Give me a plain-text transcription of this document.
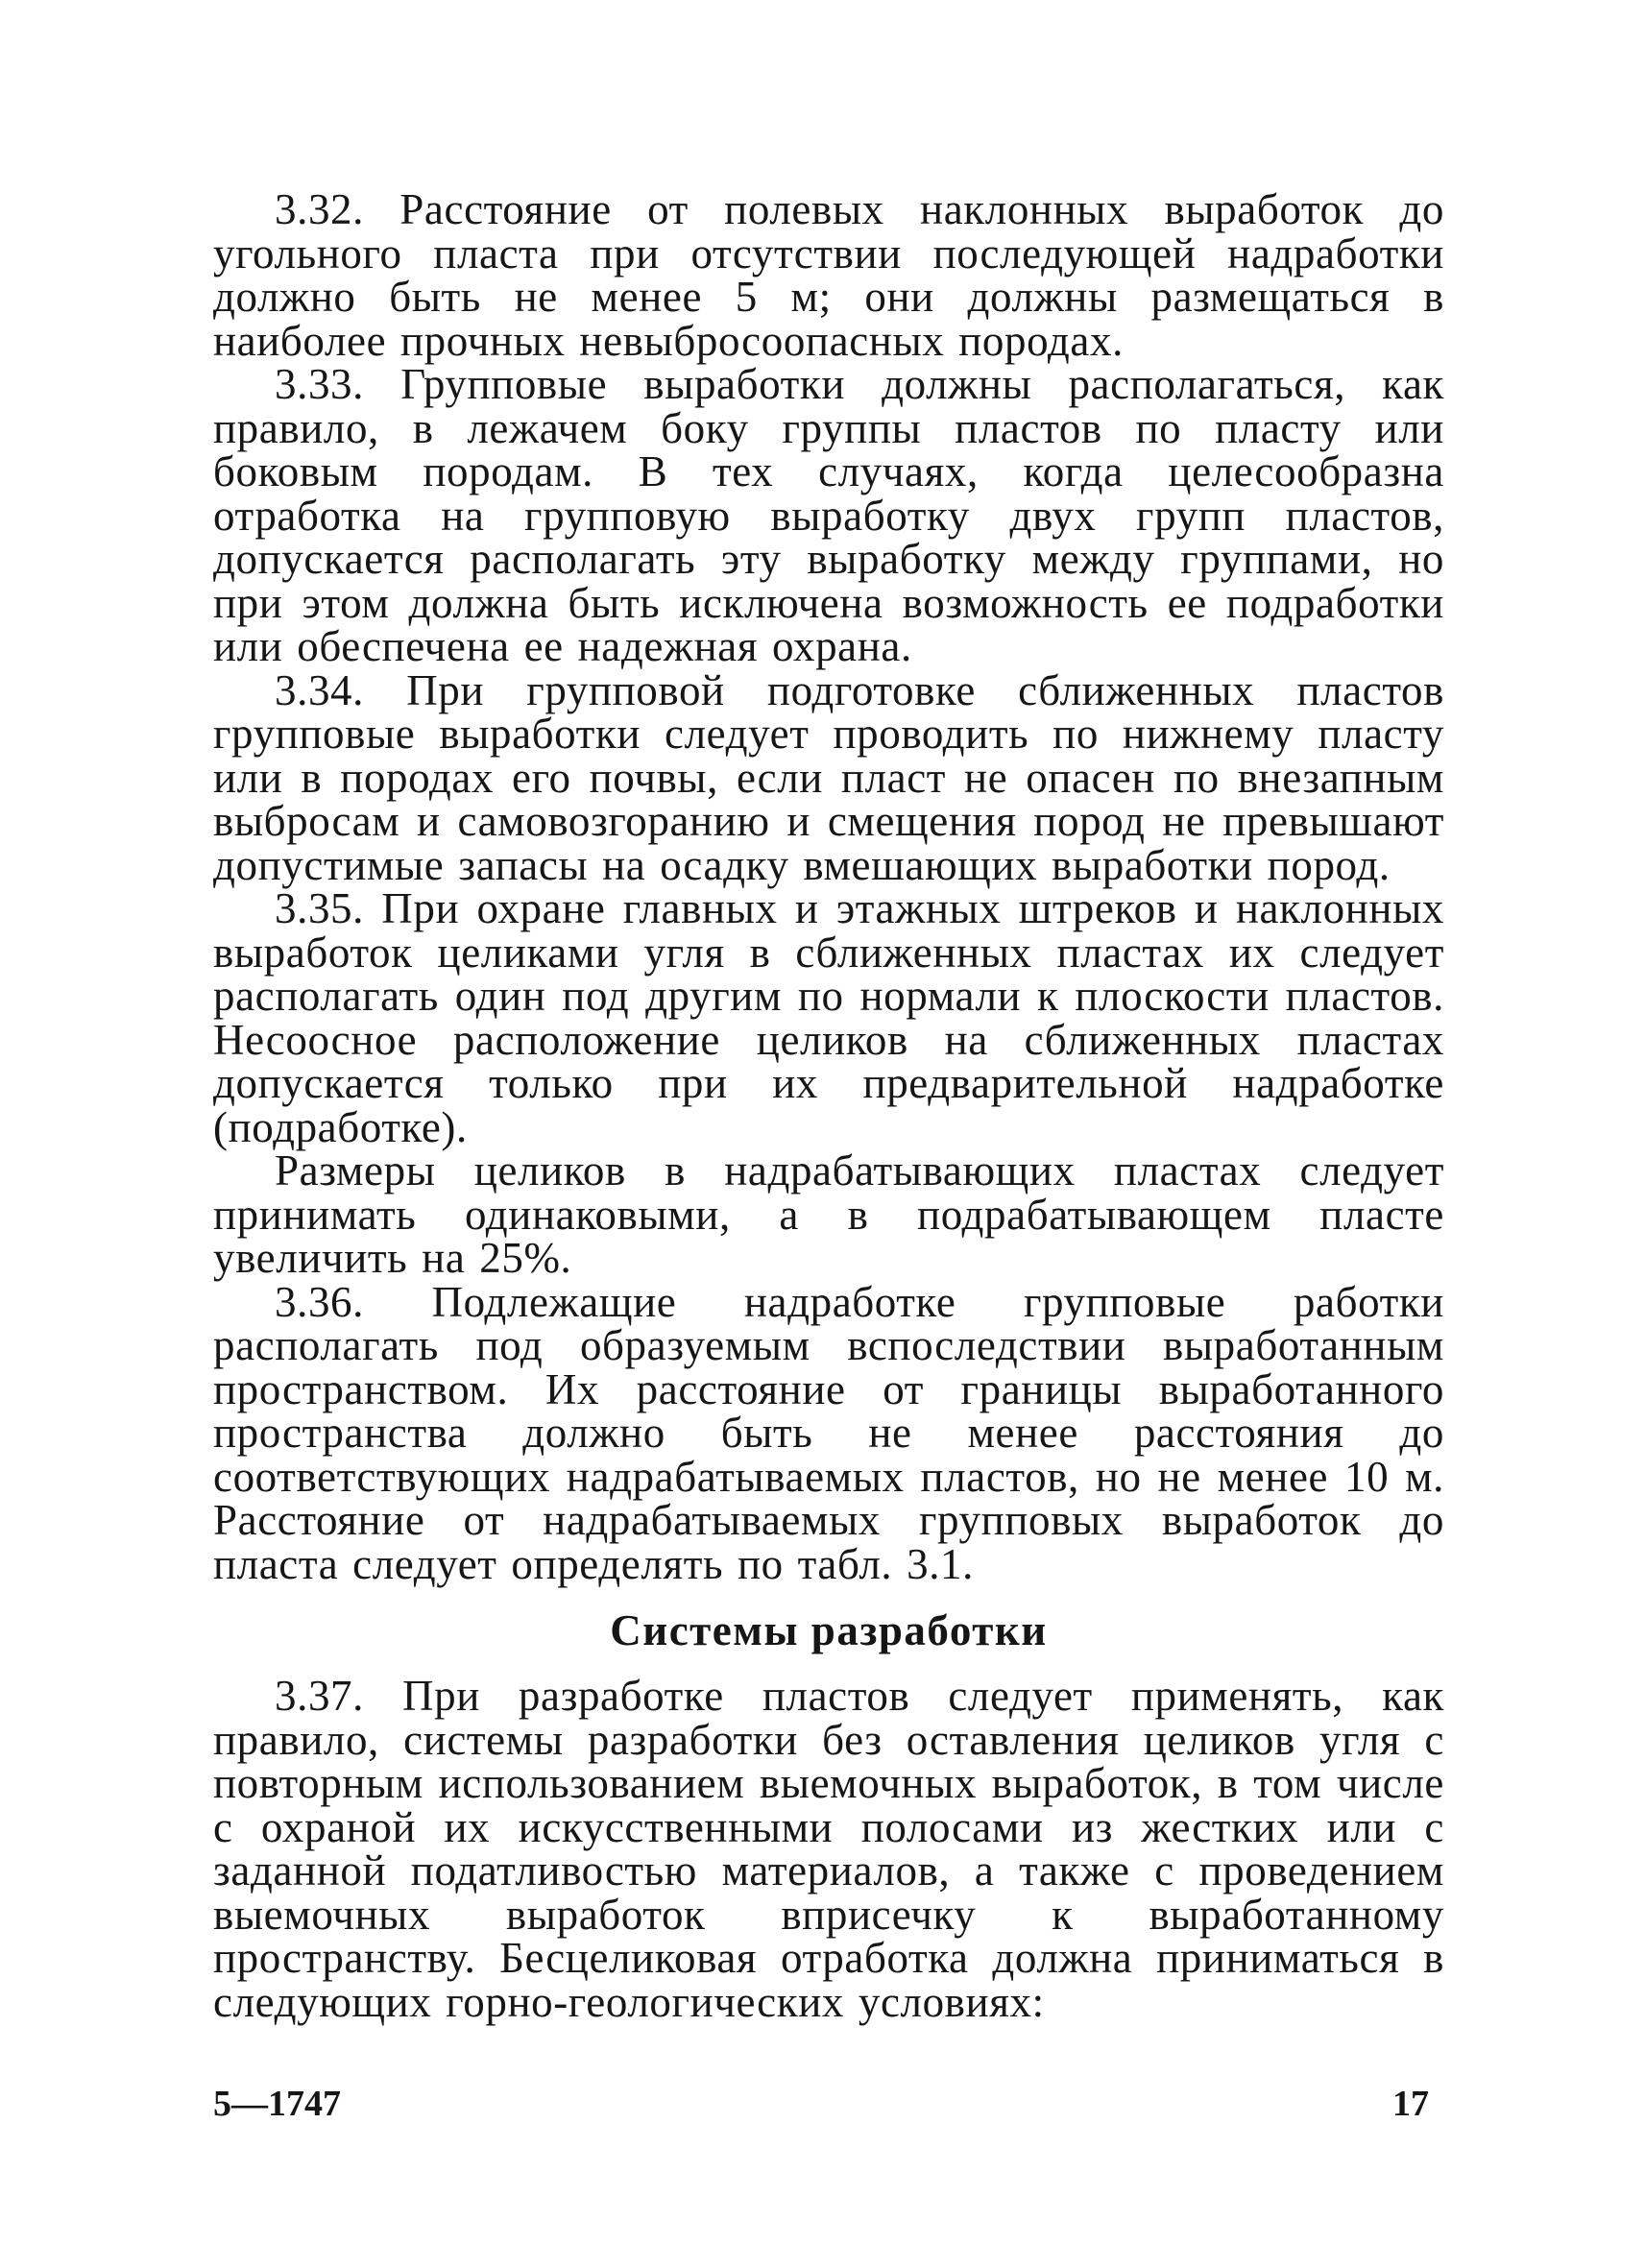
3.32. Расстояние от полевых наклонных выработок до угольного пласта при отсутствии последующей надработки должно быть не менее 5 м; они должны размещаться в наиболее прочных невыбросоопасных породах.

3.33. Групповые выработки должны располагаться, как правило, в лежачем боку группы пластов по пласту или боковым породам. В тех случаях, когда целесообразна отработка на групповую выработку двух групп пластов, допускается располагать эту выработку между группами, но при этом должна быть исключена возможность ее подработки или обеспечена ее надежная охрана.

3.34. При групповой подготовке сближенных пластов групповые выработки следует проводить по нижнему пласту или в породах его почвы, если пласт не опасен по внезапным выбросам и самовозгоранию и смещения пород не превышают допустимые запасы на осадку вмешающих выработки пород.

3.35. При охране главных и этажных штреков и наклонных выработок целиками угля в сближенных пластах их следует располагать один под другим по нормали к плоскости пластов. Несоосное расположение целиков на сближенных пластах допускается только при их предварительной надработке (подработке).

Размеры целиков в надрабатывающих пластах следует принимать одинаковыми, а в подрабатывающем пласте увеличить на 25%.

3.36. Подлежащие надработке групповые работки располагать под образуемым вспоследствии выработанным пространством. Их расстояние от границы выработанного пространства должно быть не менее расстояния до соответствующих надрабатываемых пластов, но не менее 10 м. Расстояние от надрабатываемых групповых выработок до пласта следует определять по табл. 3.1.

Системы разработки

3.37. При разработке пластов следует применять, как правило, системы разработки без оставления целиков угля с повторным использованием выемочных выработок, в том числе с охраной их искусственными полосами из жестких или с заданной податливостью материалов, а также с проведением выемочных выработок вприсечку к выработанному пространству. Бесцеликовая отработка должна приниматься в следующих горно-геологических условиях:

5—1747	17
